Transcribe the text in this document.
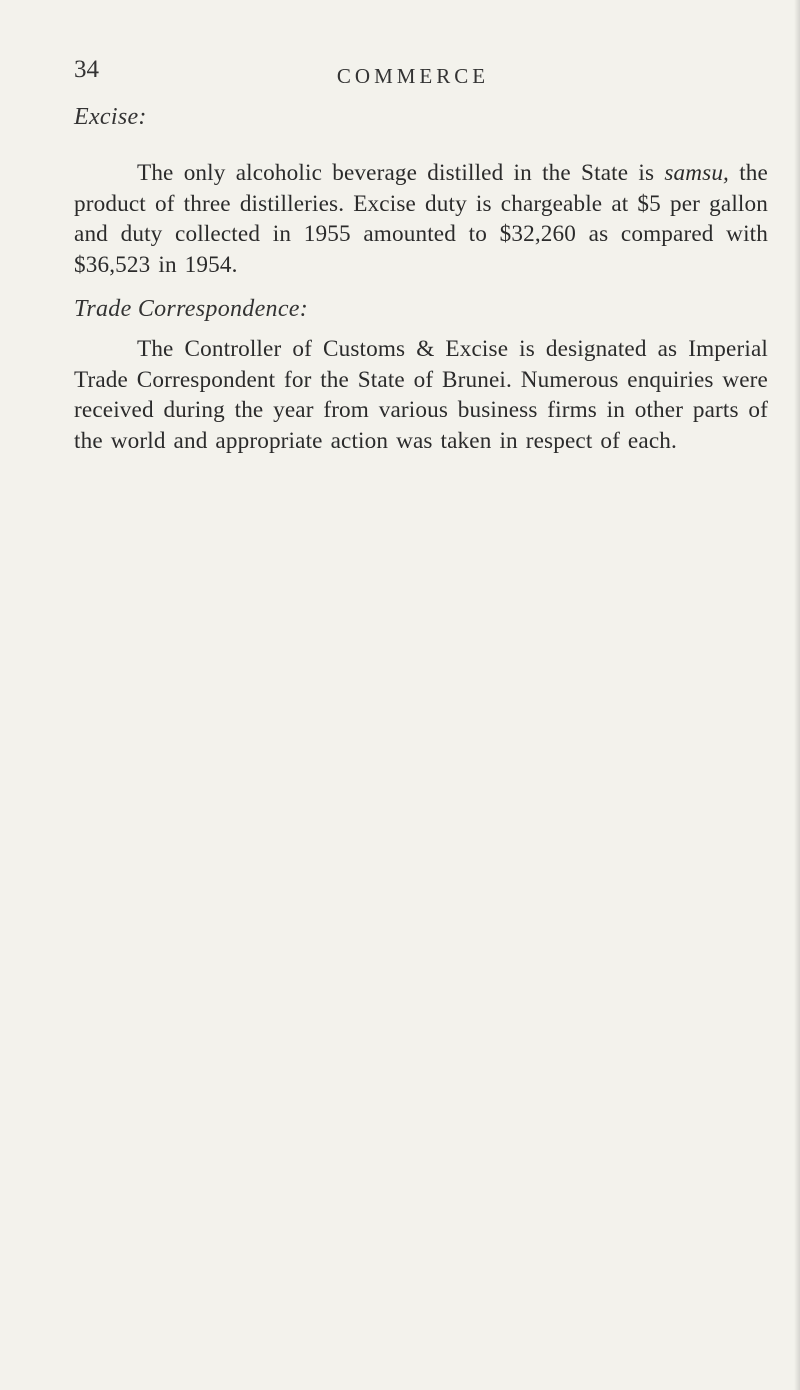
34	COMMERCE

Excise:

The only alcoholic beverage distilled in the State is samsu, the product of three distilleries. Excise duty is chargeable at $5 per gallon and duty collected in 1955 amounted to $32,260 as compared with $36,523 in 1954.

Trade Correspondence:

The Controller of Customs & Excise is designated as Imperial Trade Correspondent for the State of Brunei. Numerous enquiries were received during the year from various business firms in other parts of the world and appropriate action was taken in respect of each.
